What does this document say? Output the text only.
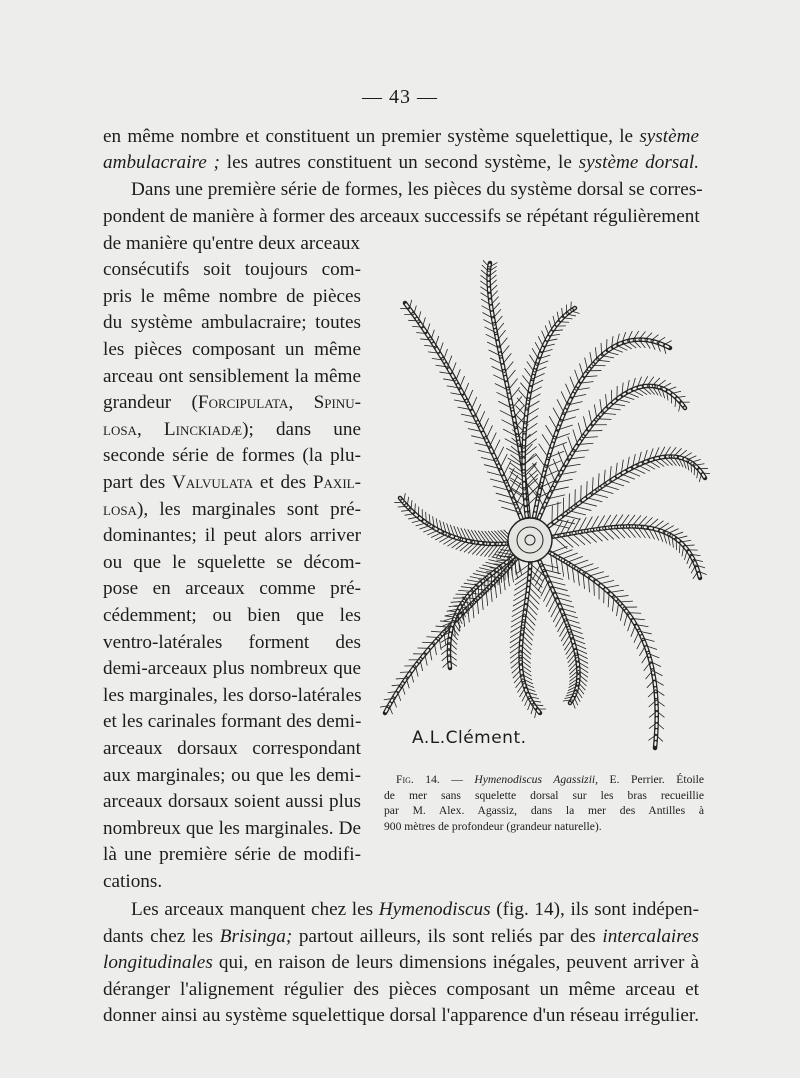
— 43 —
en même nombre et constituent un premier système squelettique, le système
ambulacraire ; les autres constituent un second système, le système dorsal.
Dans une première série de formes, les pièces du système dorsal se corres-
pondent de manière à former des arceaux successifs se répétant régulièrement
de manière qu'entre deux arceaux
consécutifs soit toujours com-
pris le même nombre de pièces
du système ambulacraire; toutes
les pièces composant un même
arceau ont sensiblement la même
grandeur (Forcipulata, Spinu-
losa, Linckiadæ); dans une
seconde série de formes (la plu-
part des Valvulata et des Paxil-
losa), les marginales sont pré-
dominantes; il peut alors arriver
ou que le squelette se décom-
pose en arceaux comme pré-
cédemment; ou bien que les
ventro-latérales forment des
demi-arceaux plus nombreux que
les marginales, les dorso-latérales
et les carinales formant des demi-
arceaux dorsaux correspondant
aux marginales; ou que les demi-
arceaux dorsaux soient aussi plus
nombreux que les marginales. De
là une première série de modifi-
cations.
Les arceaux manquent chez les Hymenodiscus (fig. 14), ils sont indépen-
dants chez les Brisinga; partout ailleurs, ils sont reliés par des intercalaires
longitudinales qui, en raison de leurs dimensions inégales, peuvent arriver à
déranger l'alignement régulier des pièces composant un même arceau et
donner ainsi au système squelettique dorsal l'apparence d'un réseau irrégulier.
A.L.Clément.
Fig. 14. — Hymenodiscus Agassizii, E. Perrier. Étoile
de mer sans squelette dorsal sur les bras recueillie
par M. Alex. Agassiz, dans la mer des Antilles à
900 mètres de profondeur (grandeur naturelle).
